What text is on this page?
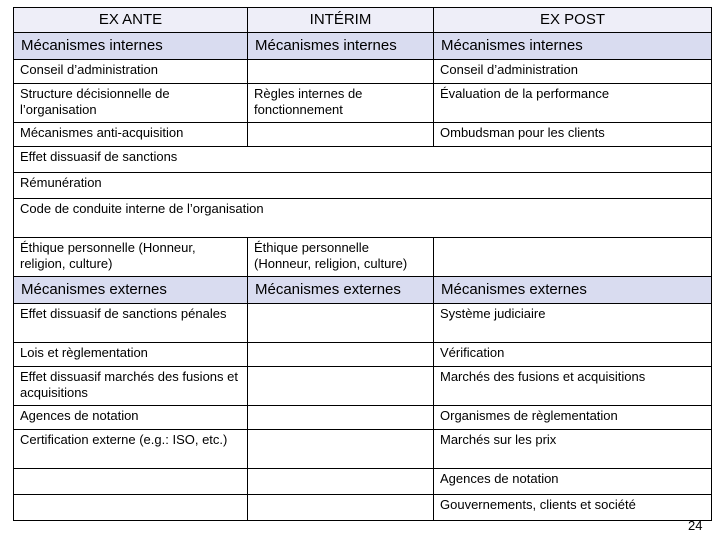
EX ANTE	INTÉRIM	EX POST
Mécanismes internes	Mécanismes internes	Mécanismes internes
Conseil d’administration		Conseil d’administration
Structure décisionnelle de l’organisation	Règles internes de fonctionnement	Évaluation de la performance
Mécanismes anti-acquisition		Ombudsman pour les clients
Effet dissuasif de sanctions		
Rémunération		
Code de conduite interne de l’organisation		
Éthique personnelle (Honneur, religion, culture)	Éthique personnelle (Honneur, religion, culture)	
Mécanismes externes	Mécanismes externes	Mécanismes externes
Effet dissuasif de sanctions pénales		Système judiciaire
Lois et règlementation		Vérification
Effet dissuasif marchés des fusions et acquisitions		Marchés des fusions et acquisitions
Agences de notation		Organismes de règlementation
Certification externe (e.g.: ISO, etc.)		Marchés sur les prix
		Agences de notation
		Gouvernements, clients et société
24
